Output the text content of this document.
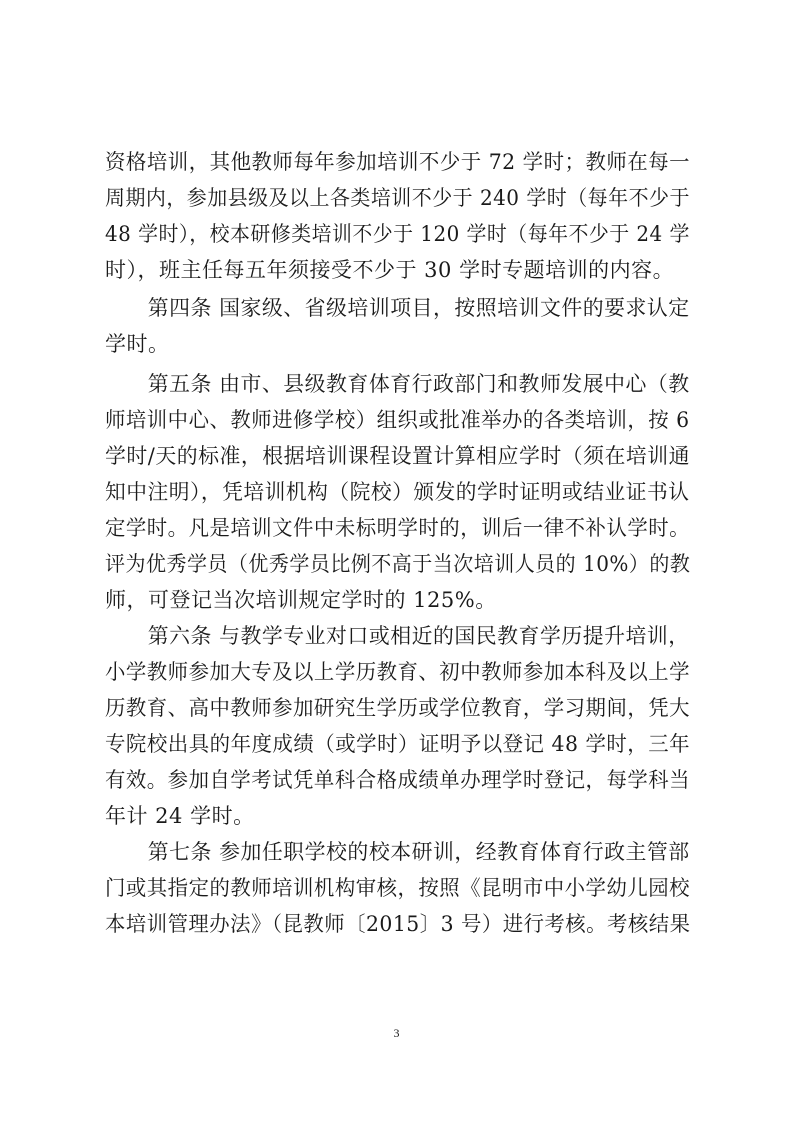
资格培训，其他教师每年参加培训不少于 72 学时；教师在每一
周期内，参加县级及以上各类培训不少于 240 学时（每年不少于
48 学时），校本研修类培训不少于 120 学时（每年不少于 24 学
时），班主任每五年须接受不少于 30 学时专题培训的内容。
　　第四条 国家级、省级培训项目，按照培训文件的要求认定
学时。
　　第五条 由市、县级教育体育行政部门和教师发展中心（教
师培训中心、教师进修学校）组织或批准举办的各类培训，按 6
学时/天的标准，根据培训课程设置计算相应学时（须在培训通
知中注明），凭培训机构（院校）颁发的学时证明或结业证书认
定学时。凡是培训文件中未标明学时的，训后一律不补认学时。
评为优秀学员（优秀学员比例不高于当次培训人员的 10%）的教
师，可登记当次培训规定学时的 125%。
　　第六条 与教学专业对口或相近的国民教育学历提升培训，
小学教师参加大专及以上学历教育、初中教师参加本科及以上学
历教育、高中教师参加研究生学历或学位教育，学习期间，凭大
专院校出具的年度成绩（或学时）证明予以登记 48 学时，三年
有效。参加自学考试凭单科合格成绩单办理学时登记，每学科当
年计 24 学时。
　　第七条 参加任职学校的校本研训，经教育体育行政主管部
门或其指定的教师培训机构审核，按照《昆明市中小学幼儿园校
本培训管理办法》（昆教师〔2015〕3 号）进行考核。考核结果
3
